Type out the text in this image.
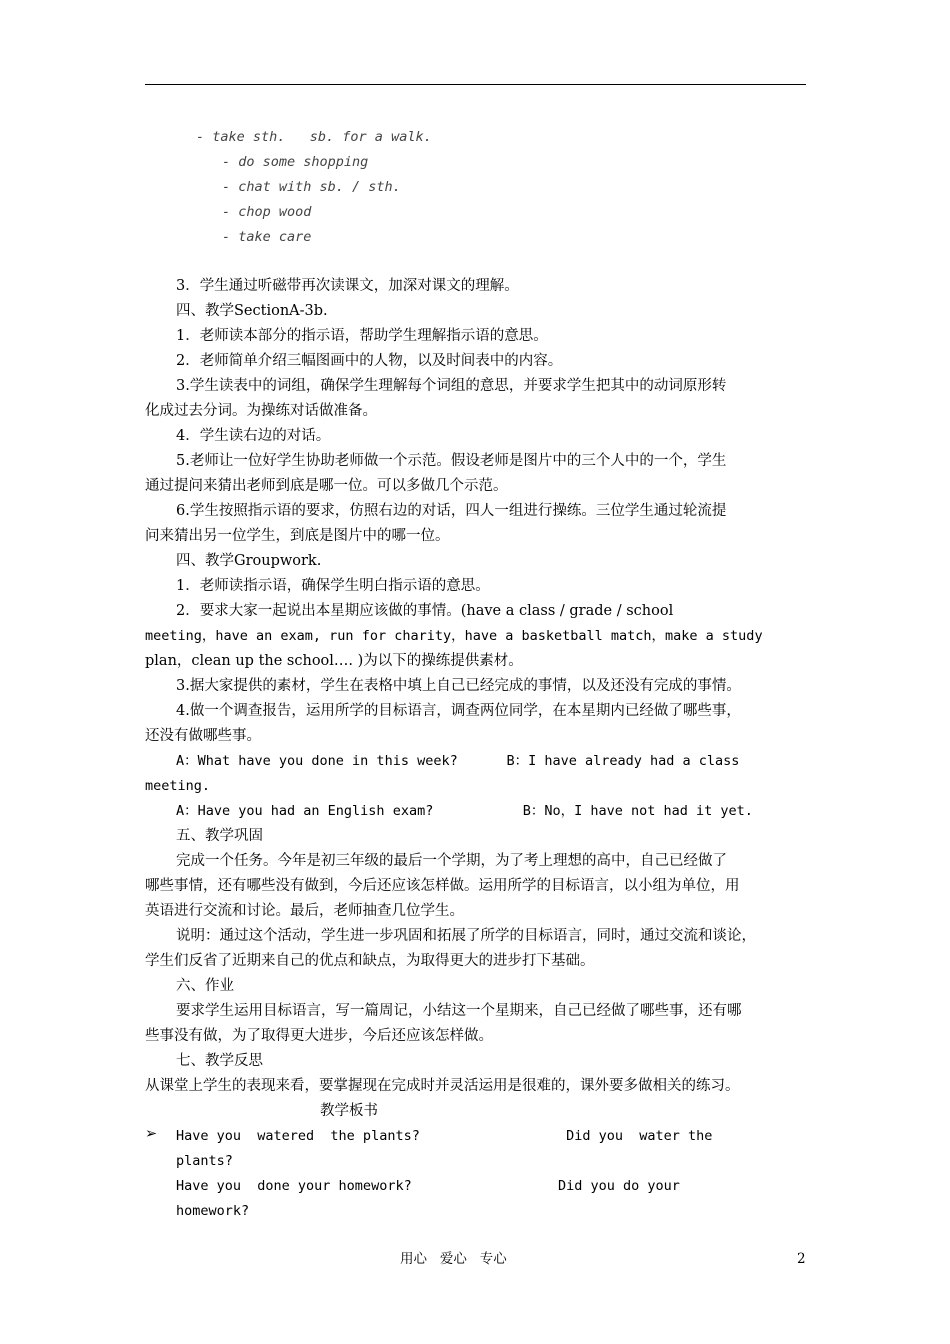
- take sth.   sb. for a walk.
- do some shopping
- chat with sb. / sth.
- chop wood
- take care
3．学生通过听磁带再次读课文，加深对课文的理解。
四、教学SectionA-3b.
1．老师读本部分的指示语，帮助学生理解指示语的意思。
2．老师简单介绍三幅图画中的人物，以及时间表中的内容。
3.学生读表中的词组，确保学生理解每个词组的意思，并要求学生把其中的动词原形转
化成过去分词。为操练对话做准备。
4．学生读右边的对话。
5.老师让一位好学生协助老师做一个示范。假设老师是图片中的三个人中的一个，学生
通过提问来猜出老师到底是哪一位。可以多做几个示范。
6.学生按照指示语的要求，仿照右边的对话，四人一组进行操练。三位学生通过轮流提
问来猜出另一位学生，到底是图片中的哪一位。
四、教学Groupwork.
1．老师读指示语，确保学生明白指示语的意思。
2．要求大家一起说出本星期应该做的事情。(have a class / grade / school
meeting，have an exam, run for charity，have a basketball match，make a study
plan，clean up the school…. )为以下的操练提供素材。
3.据大家提供的素材，学生在表格中填上自己已经完成的事情，以及还没有完成的事情。
4.做一个调查报告，运用所学的目标语言，调查两位同学，在本星期内已经做了哪些事，
还没有做哪些事。
A：What have you done in this week?      B：I have already had a class
meeting.
A：Have you had an English exam?           B：No，I have not had it yet.
五、教学巩固
完成一个任务。今年是初三年级的最后一个学期，为了考上理想的高中，自己已经做了
哪些事情，还有哪些没有做到，今后还应该怎样做。运用所学的目标语言，以小组为单位，用
英语进行交流和讨论。最后，老师抽查几位学生。
说明：通过这个活动，学生进一步巩固和拓展了所学的目标语言，同时，通过交流和谈论，
学生们反省了近期来自己的优点和缺点，为取得更大的进步打下基础。
六、作业
要求学生运用目标语言，写一篇周记，小结这一个星期来，自己已经做了哪些事，还有哪
些事没有做，为了取得更大进步，今后还应该怎样做。
七、教学反思
从课堂上学生的表现来看，要掌握现在完成时并灵活运用是很难的，课外要多做相关的练习。
教学板书
➢ Have you  watered  the plants?                  Did you  water the
plants?
Have you  done your homework?                  Did you do your
homework?
用心   爱心   专心	2
